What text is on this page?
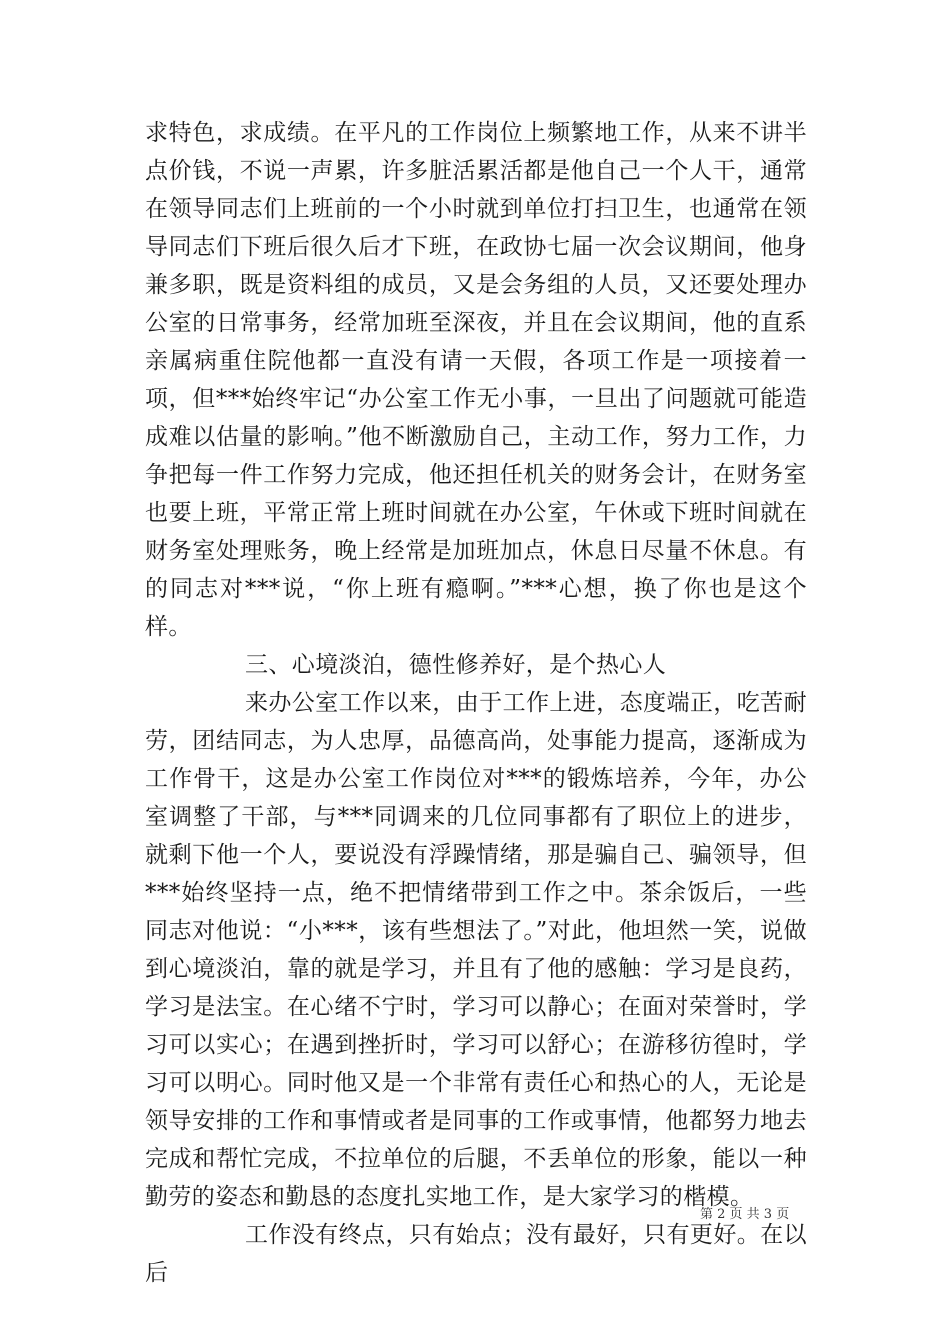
求特色，求成绩。在平凡的工作岗位上频繁地工作，从来不讲半点价钱，不说一声累，许多脏活累活都是他自己一个人干，通常在领导同志们上班前的一个小时就到单位打扫卫生，也通常在领导同志们下班后很久后才下班，在政协七届一次会议期间，他身兼多职，既是资料组的成员，又是会务组的人员，又还要处理办公室的日常事务，经常加班至深夜，并且在会议期间，他的直系亲属病重住院他都一直没有请一天假，各项工作是一项接着一项，但***始终牢记“办公室工作无小事，一旦出了问题就可能造成难以估量的影响。”他不断激励自己，主动工作，努力工作，力争把每一件工作努力完成，他还担任机关的财务会计，在财务室也要上班，平常正常上班时间就在办公室，午休或下班时间就在财务室处理账务，晚上经常是加班加点，休息日尽量不休息。有的同志对***说，“你上班有瘾啊。”***心想，换了你也是这个样。

三、心境淡泊，德性修养好，是个热心人

来办公室工作以来，由于工作上进，态度端正，吃苦耐劳，团结同志，为人忠厚，品德高尚，处事能力提高，逐渐成为工作骨干，这是办公室工作岗位对***的锻炼培养，今年，办公室调整了干部，与***同调来的几位同事都有了职位上的进步，就剩下他一个人，要说没有浮躁情绪，那是骗自己、骗领导，但***始终坚持一点，绝不把情绪带到工作之中。茶余饭后，一些同志对他说：“小***，该有些想法了。”对此，他坦然一笑，说做到心境淡泊，靠的就是学习，并且有了他的感触：学习是良药，学习是法宝。在心绪不宁时，学习可以静心；在面对荣誉时，学习可以实心；在遇到挫折时，学习可以舒心；在游移彷徨时，学习可以明心。同时他又是一个非常有责任心和热心的人，无论是领导安排的工作和事情或者是同事的工作或事情，他都努力地去完成和帮忙完成，不拉单位的后腿，不丢单位的形象，能以一种勤劳的姿态和勤恳的态度扎实地工作，是大家学习的楷模。

工作没有终点，只有始点；没有最好，只有更好。在以后

第 2 页 共 3 页
